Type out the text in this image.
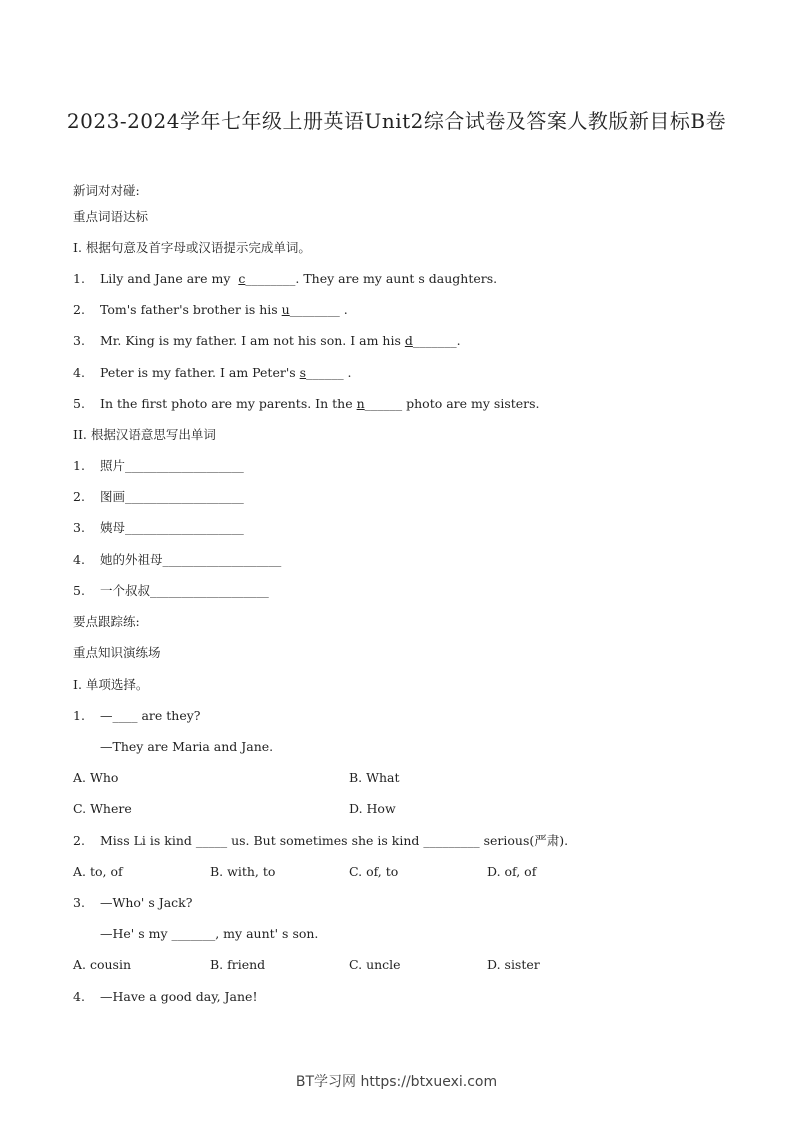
2023-2024学年七年级上册英语Unit2综合试卷及答案人教版新目标B卷
新词对对碰:
重点词语达标
I. 根据句意及首字母或汉语提示完成单词。
1. Lily and Jane are my  c________. They are my aunt s daughters.
2. Tom's father's brother is his u________ .
3. Mr. King is my father. I am not his son. I am his d_______.
4. Peter is my father. I am Peter's s______ .
5. In the first photo are my parents. In the n______ photo are my sisters.
II. 根据汉语意思写出单词
1. 照片___________________
2. 图画___________________
3. 姨母___________________
4. 她的外祖母___________________
5. 一个叔叔___________________
要点跟踪练:
重点知识演练场
I. 单项选择。
1. —____ are they?
—They are Maria and Jane.
A. Who	B. What
C. Where	D. How
2. Miss Li is kind _____ us. But sometimes she is kind _________ serious(严肃).
A. to, of	B. with, to	C. of, to	D. of, of
3. —Who' s Jack?
—He' s my _______, my aunt' s son.
A. cousin	B. friend	C. uncle	D. sister
4. —Have a good day, Jane!
BT学习网 https://btxuexi.com
